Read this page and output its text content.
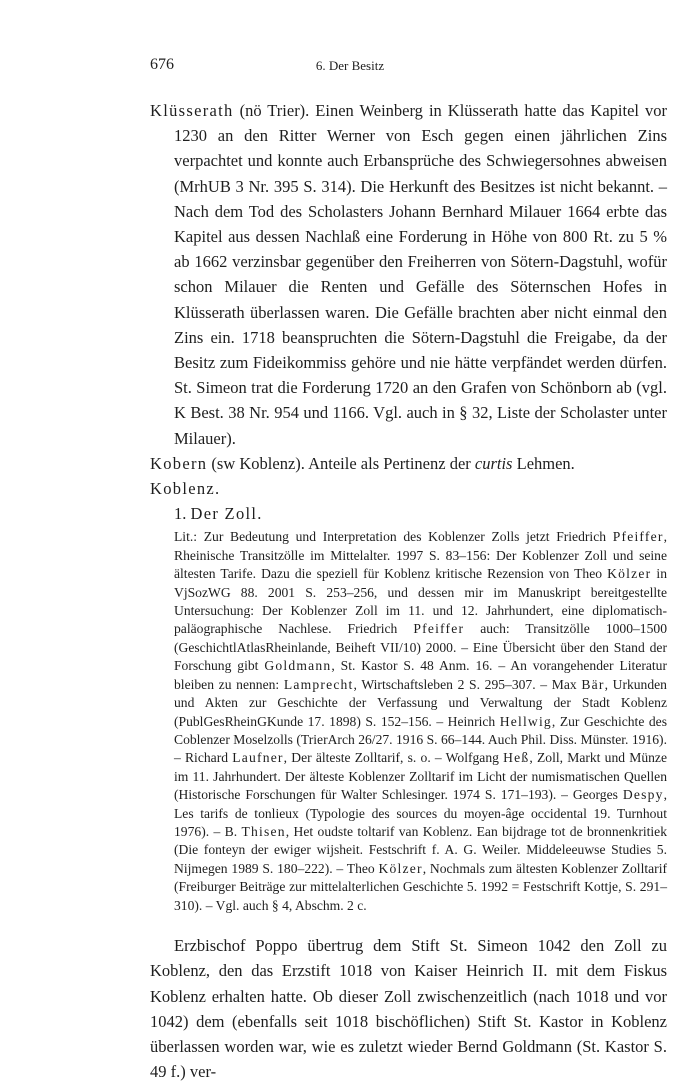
676	6. Der Besitz

Klüsserath (nö Trier). Einen Weinberg in Klüsserath hatte das Kapitel vor 1230 an den Ritter Werner von Esch gegen einen jährlichen Zins verpachtet und konnte auch Erbansprüche des Schwiegersohnes abweisen (MrhUB 3 Nr. 395 S. 314). Die Herkunft des Besitzes ist nicht bekannt. – Nach dem Tod des Scholasters Johann Bernhard Milauer 1664 erbte das Kapitel aus dessen Nachlaß eine Forderung in Höhe von 800 Rt. zu 5 % ab 1662 verzinsbar gegenüber den Freiherren von Sötern-Dagstuhl, wofür schon Milauer die Renten und Gefälle des Söternschen Hofes in Klüsserath überlassen waren. Die Gefälle brachten aber nicht einmal den Zins ein. 1718 beanspruchten die Sötern-Dagstuhl die Freigabe, da der Besitz zum Fideikommiss gehöre und nie hätte verpfändet werden dürfen. St. Simeon trat die Forderung 1720 an den Grafen von Schönborn ab (vgl. K Best. 38 Nr. 954 und 1166. Vgl. auch in § 32, Liste der Scholaster unter Milauer).

Kobern (sw Koblenz). Anteile als Pertinenz der curtis Lehmen.

Koblenz.

1. Der Zoll.

Lit.: Zur Bedeutung und Interpretation des Koblenzer Zolls jetzt Friedrich Pfeiffer, Rheinische Transitzölle im Mittelalter. 1997 S. 83–156: Der Koblenzer Zoll und seine ältesten Tarife. Dazu die speziell für Koblenz kritische Rezension von Theo Kölzer in VjSozWG 88. 2001 S. 253–256, und dessen mir im Manuskript bereitgestellte Untersuchung: Der Koblenzer Zoll im 11. und 12. Jahrhundert, eine diplomatisch-paläographische Nachlese. Friedrich Pfeiffer auch: Transitzölle 1000–1500 (GeschichtlAtlasRheinlande, Beiheft VII/10) 2000. – Eine Übersicht über den Stand der Forschung gibt Goldmann, St. Kastor S. 48 Anm. 16. – An vorangehender Literatur bleiben zu nennen: Lamprecht, Wirtschaftsleben 2 S. 295–307. – Max Bär, Urkunden und Akten zur Geschichte der Verfassung und Verwaltung der Stadt Koblenz (PublGesRheinGKunde 17. 1898) S. 152–156. – Heinrich Hellwig, Zur Geschichte des Coblenzer Moselzolls (TrierArch 26/27. 1916 S. 66–144. Auch Phil. Diss. Münster. 1916). – Richard Laufner, Der älteste Zolltarif, s. o. – Wolfgang Heß, Zoll, Markt und Münze im 11. Jahrhundert. Der älteste Koblenzer Zolltarif im Licht der numismatischen Quellen (Historische Forschungen für Walter Schlesinger. 1974 S. 171–193). – Georges Despy, Les tarifs de tonlieux (Typologie des sources du moyen-âge occidental 19. Turnhout 1976). – B. Thisen, Het oudste toltarif van Koblenz. Ean bijdrage tot de bronnenkritiek (Die fonteyn der ewiger wijsheit. Festschrift f. A. G. Weiler. Middeleeuwse Studies 5. Nijmegen 1989 S. 180–222). – Theo Kölzer, Nochmals zum ältesten Koblenzer Zolltarif (Freiburger Beiträge zur mittelalterlichen Geschichte 5. 1992 = Festschrift Kottje, S. 291–310). – Vgl. auch § 4, Abschm. 2 c.

Erzbischof Poppo übertrug dem Stift St. Simeon 1042 den Zoll zu Koblenz, den das Erzstift 1018 von Kaiser Heinrich II. mit dem Fiskus Koblenz erhalten hatte. Ob dieser Zoll zwischenzeitlich (nach 1018 und vor 1042) dem (ebenfalls seit 1018 bischöflichen) Stift St. Kastor in Koblenz überlassen worden war, wie es zuletzt wieder Bernd Goldmann (St. Kastor S. 49 f.) ver-
